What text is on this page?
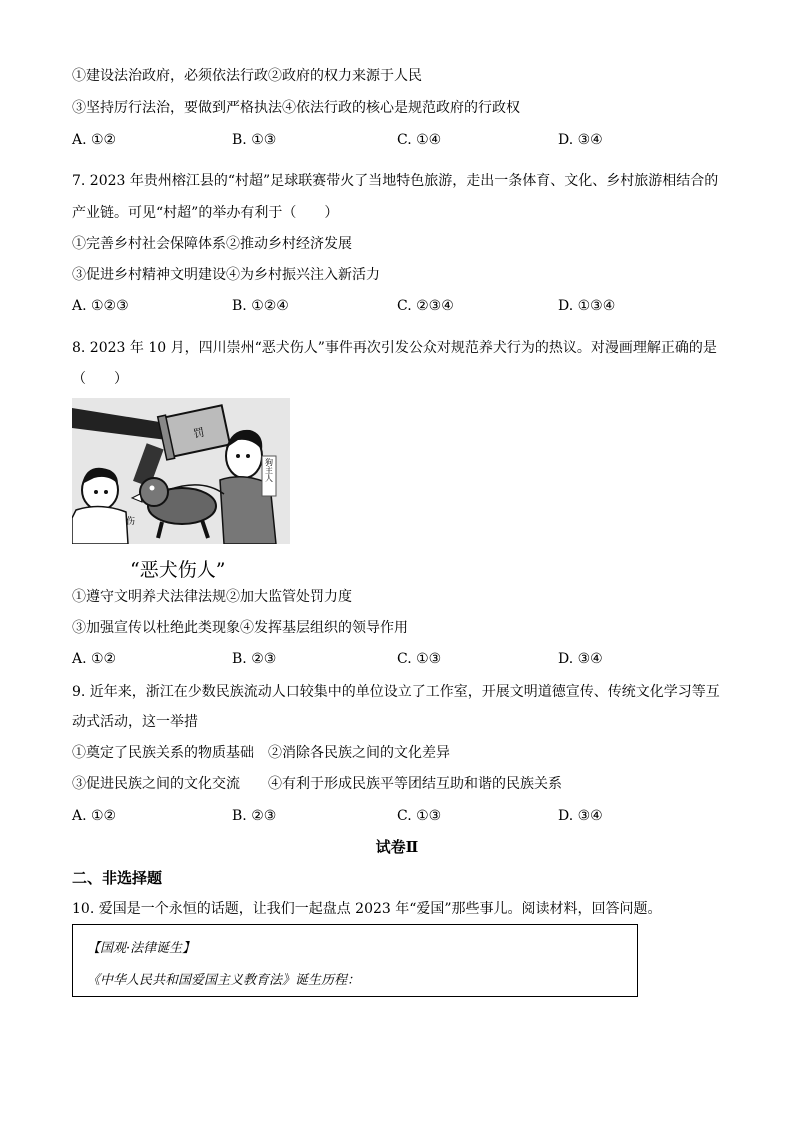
①建设法治政府，必须依法行政②政府的权力来源于人民
③坚持厉行法治，要做到严格执法④依法行政的核心是规范政府的行政权
A. ①②	B. ①③	C. ①④	D. ③④
7. 2023 年贵州榕江县的“村超”足球联赛带火了当地特色旅游，走出一条体育、文化、乡村旅游相结合的
产业链。可见“村超”的举办有利于（　　）
①完善乡村社会保障体系②推动乡村经济发展
③促进乡村精神文明建设④为乡村振兴注入新活力
A. ①②③	B. ①②④	C. ②③④	D. ①③④
8. 2023 年 10 月，四川崇州“恶犬伤人”事件再次引发公众对规范养犬行为的热议。对漫画理解正确的是
（　　）
罚
狗主人
伤
“恶犬伤人”
①遵守文明养犬法律法规②加大监管处罚力度
③加强宣传以杜绝此类现象④发挥基层组织的领导作用
A. ①②	B. ②③	C. ①③	D. ③④
9. 近年来，浙江在少数民族流动人口较集中的单位设立了工作室，开展文明道德宣传、传统文化学习等互
动式活动，这一举措
①奠定了民族关系的物质基础　②消除各民族之间的文化差异
③促进民族之间的文化交流　　④有利于形成民族平等团结互助和谐的民族关系
A. ①②	B. ②③	C. ①③	D. ③④
试卷Ⅱ
二、非选择题
10. 爱国是一个永恒的话题，让我们一起盘点 2023 年“爱国”那些事儿。阅读材料，回答问题。
【国观·法律诞生】
《中华人民共和国爱国主义教育法》诞生历程：
